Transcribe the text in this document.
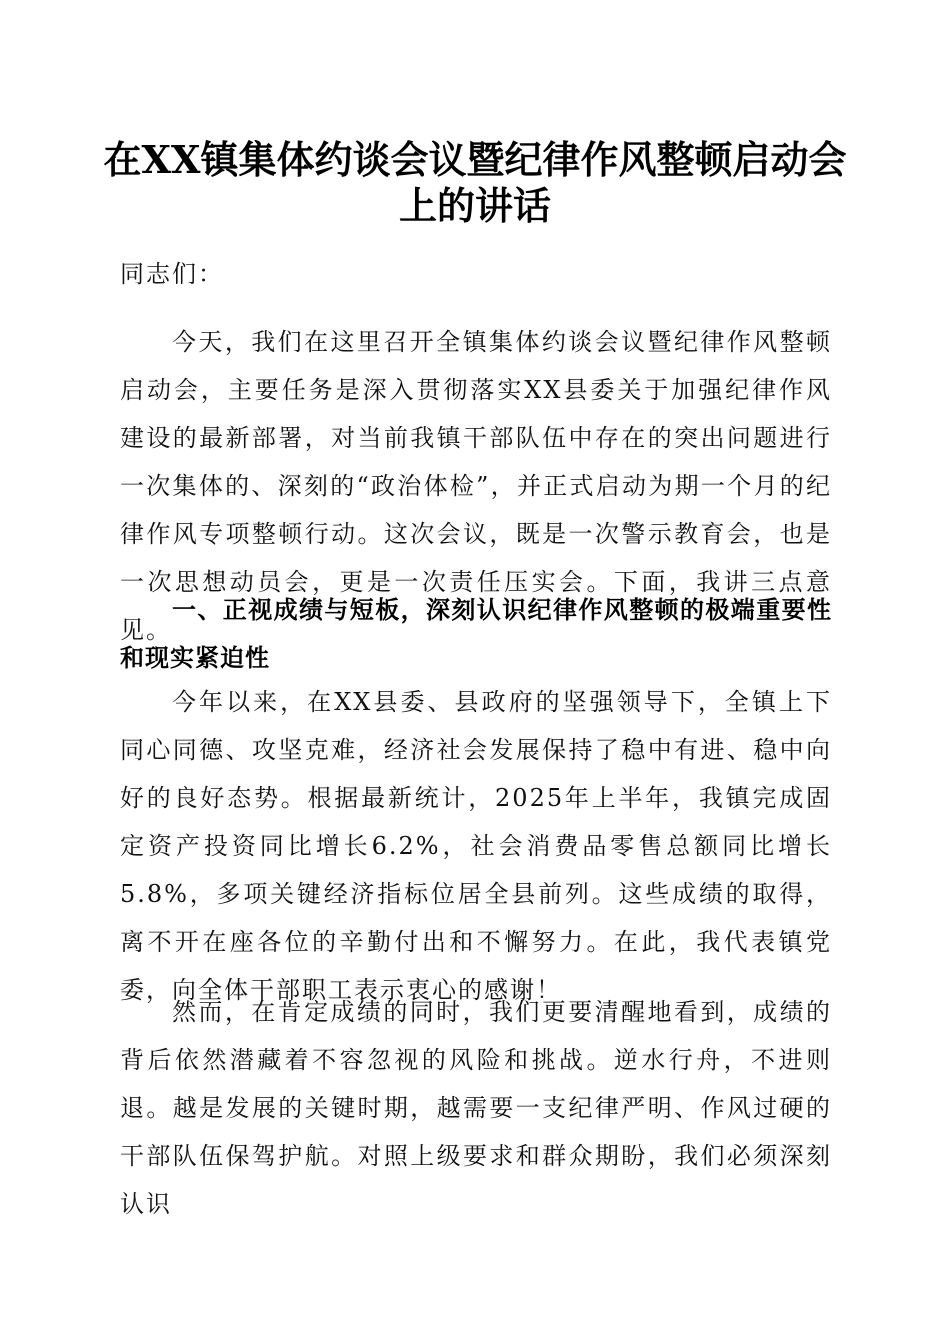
在XX镇集体约谈会议暨纪律作风整顿启动会
上的讲话

同志们：

今天，我们在这里召开全镇集体约谈会议暨纪律作风整顿启动会，主要任务是深入贯彻落实XX县委关于加强纪律作风建设的最新部署，对当前我镇干部队伍中存在的突出问题进行一次集体的、深刻的“政治体检”，并正式启动为期一个月的纪律作风专项整顿行动。这次会议，既是一次警示教育会，也是一次思想动员会，更是一次责任压实会。下面，我讲三点意见。

一、正视成绩与短板，深刻认识纪律作风整顿的极端重要性和现实紧迫性

今年以来，在XX县委、县政府的坚强领导下，全镇上下同心同德、攻坚克难，经济社会发展保持了稳中有进、稳中向好的良好态势。根据最新统计，2025年上半年，我镇完成固定资产投资同比增长6.2%，社会消费品零售总额同比增长5.8%，多项关键经济指标位居全县前列。这些成绩的取得，离不开在座各位的辛勤付出和不懈努力。在此，我代表镇党委，向全体干部职工表示衷心的感谢！

然而，在肯定成绩的同时，我们更要清醒地看到，成绩的背后依然潜藏着不容忽视的风险和挑战。逆水行舟，不进则退。越是发展的关键时期，越需要一支纪律严明、作风过硬的干部队伍保驾护航。对照上级要求和群众期盼，我们必须深刻认识
